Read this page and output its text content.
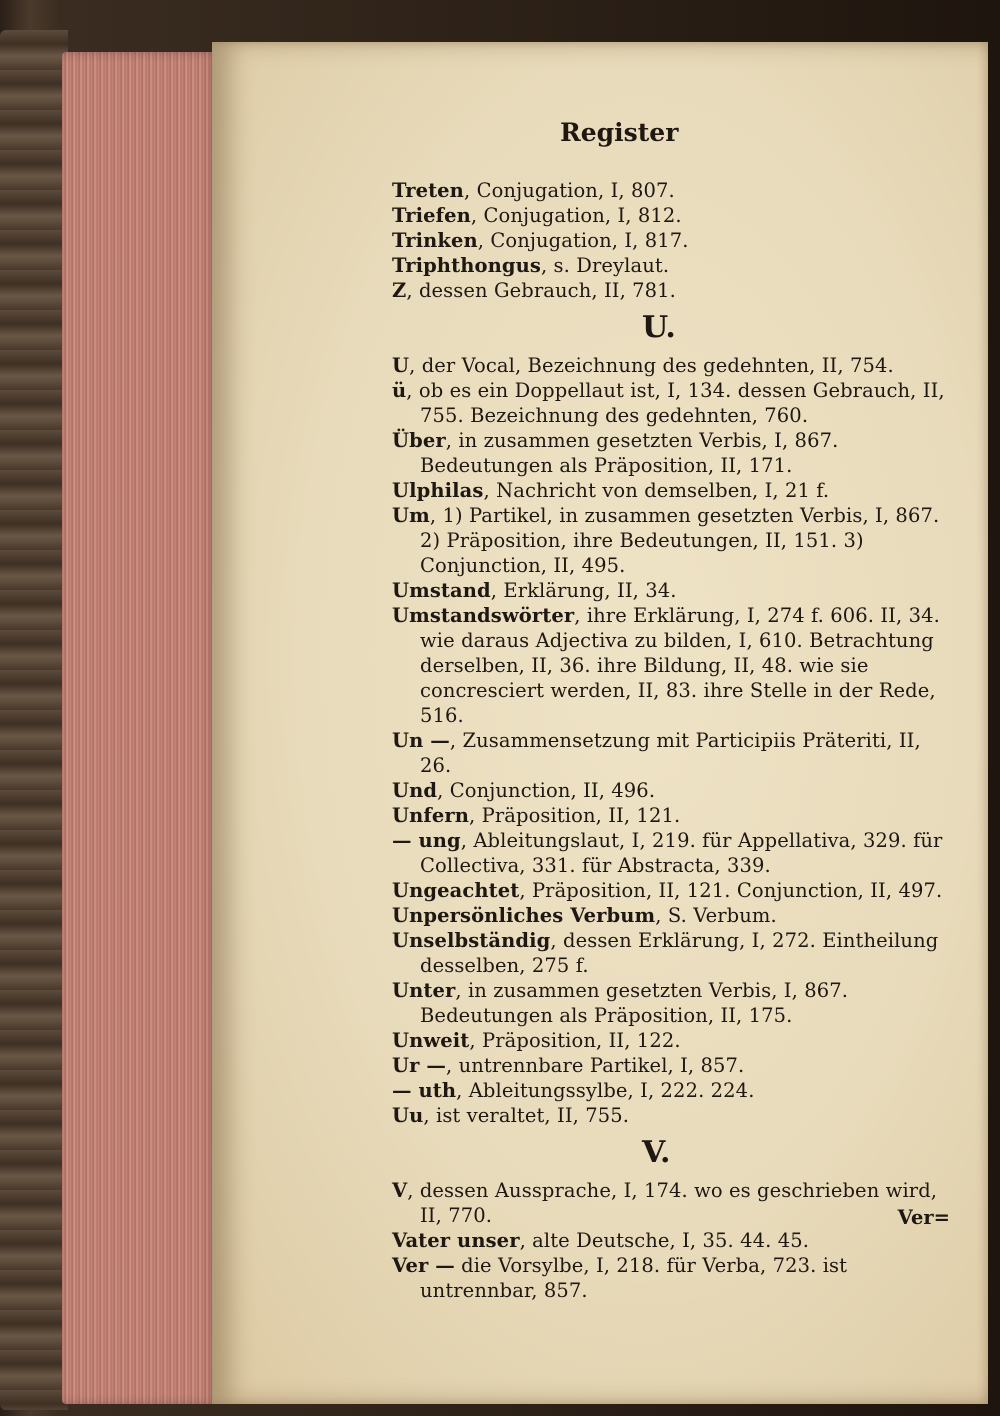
Register

Treten, Conjugation, I, 807.

Triefen, Conjugation, I, 812.

Trinken, Conjugation, I, 817.

Triphthongus, s. Dreylaut.

Z, dessen Gebrauch, II, 781.

U.

U, der Vocal, Bezeichnung des gedehnten, II, 754.

ü, ob es ein Doppellaut ist, I, 134. dessen Gebrauch, II, 755. Bezeichnung des gedehnten, 760.

Über, in zusammen gesetzten Verbis, I, 867. Bedeutungen als Präposition, II, 171.

Ulphilas, Nachricht von demselben, I, 21 f.

Um, 1) Partikel, in zusammen gesetzten Verbis, I, 867. 2) Präposition, ihre Bedeutungen, II, 151. 3) Conjunction, II, 495.

Umstand, Erklärung, II, 34.

Umstandswörter, ihre Erklärung, I, 274 f. 606. II, 34. wie daraus Adjectiva zu bilden, I, 610. Betrachtung derselben, II, 36. ihre Bildung, II, 48. wie sie concresciert werden, II, 83. ihre Stelle in der Rede, 516.

Un —, Zusammensetzung mit Participiis Präteriti, II, 26.

Und, Conjunction, II, 496.

Unfern, Präposition, II, 121.

— ung, Ableitungslaut, I, 219. für Appellativa, 329. für Collectiva, 331. für Abstracta, 339.

Ungeachtet, Präposition, II, 121. Conjunction, II, 497.

Unpersönliches Verbum, S. Verbum.

Unselbständig, dessen Erklärung, I, 272. Eintheilung desselben, 275 f.

Unter, in zusammen gesetzten Verbis, I, 867. Bedeutungen als Präposition, II, 175.

Unweit, Präposition, II, 122.

Ur —, untrennbare Partikel, I, 857.

— uth, Ableitungssylbe, I, 222. 224.

Uu, ist veraltet, II, 755.

V.

V, dessen Aussprache, I, 174. wo es geschrieben wird, II, 770.

Vater unser, alte Deutsche, I, 35. 44. 45.

Ver — die Vorsylbe, I, 218. für Verba, 723. ist untrennbar, 857.

Ver=
